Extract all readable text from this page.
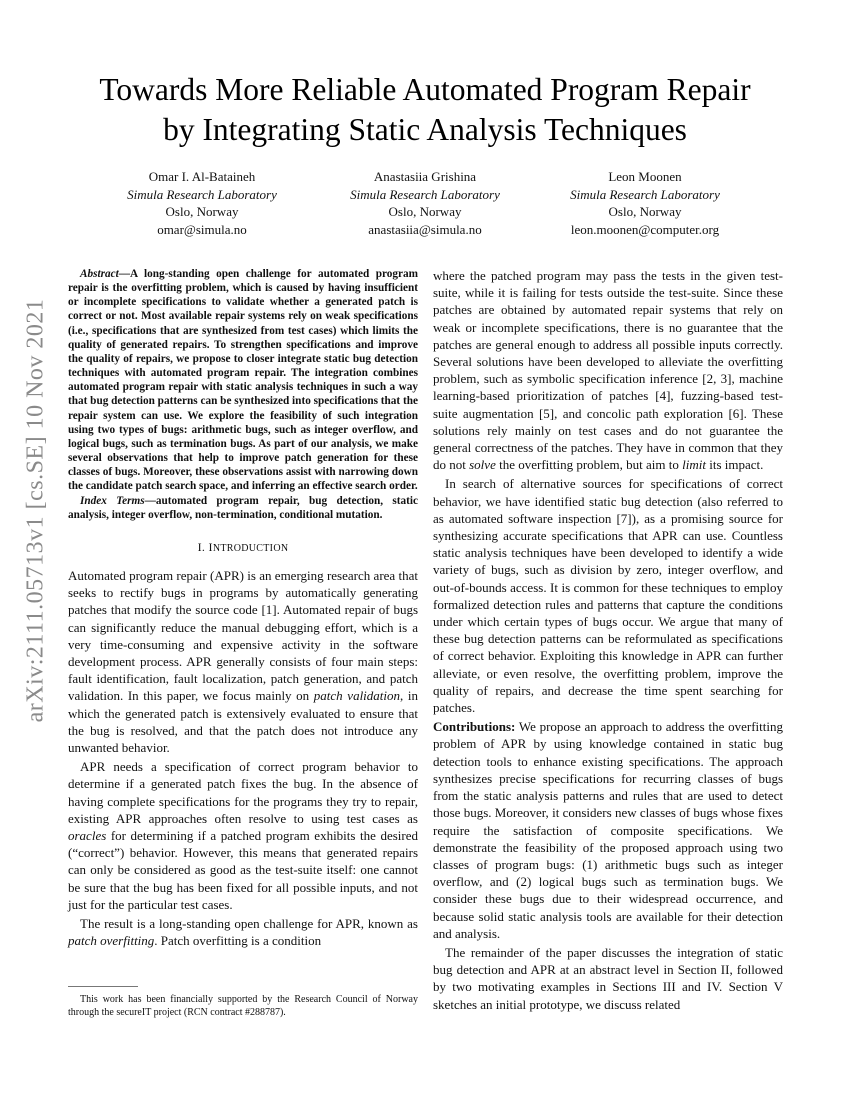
arXiv:2111.05713v1 [cs.SE] 10 Nov 2021
Towards More Reliable Automated Program Repair
by Integrating Static Analysis Techniques
Omar I. Al-Bataineh
Simula Research Laboratory
Oslo, Norway
omar@simula.no
Anastasiia Grishina
Simula Research Laboratory
Oslo, Norway
anastasiia@simula.no
Leon Moonen
Simula Research Laboratory
Oslo, Norway
leon.moonen@computer.org

Abstract—A long-standing open challenge for automated program repair is the overfitting problem, which is caused by having insufficient or incomplete specifications to validate whether a generated patch is correct or not. Most available repair systems rely on weak specifications (i.e., specifications that are synthesized from test cases) which limits the quality of generated repairs. To strengthen specifications and improve the quality of repairs, we propose to closer integrate static bug detection techniques with automated program repair. The integration combines automated program repair with static analysis techniques in such a way that bug detection patterns can be synthesized into specifications that the repair system can use. We explore the feasibility of such integration using two types of bugs: arithmetic bugs, such as integer overflow, and logical bugs, such as termination bugs. As part of our analysis, we make several observations that help to improve patch generation for these classes of bugs. Moreover, these observations assist with narrowing down the candidate patch search space, and inferring an effective search order.

Index Terms—automated program repair, bug detection, static analysis, integer overflow, non-termination, conditional mutation.

I. INTRODUCTION

Automated program repair (APR) is an emerging research area that seeks to rectify bugs in programs by automatically generating patches that modify the source code [1]. Automated repair of bugs can significantly reduce the manual debugging effort, which is a very time-consuming and expensive activity in the software development process. APR generally consists of four main steps: fault identification, fault localization, patch generation, and patch validation. In this paper, we focus mainly on patch validation, in which the generated patch is extensively evaluated to ensure that the bug is resolved, and that the patch does not introduce any unwanted behavior.

APR needs a specification of correct program behavior to determine if a generated patch fixes the bug. In the absence of having complete specifications for the programs they try to repair, existing APR approaches often resolve to using test cases as oracles for determining if a patched program exhibits the desired (“correct”) behavior. However, this means that generated repairs can only be considered as good as the test-suite itself: one cannot be sure that the bug has been fixed for all possible inputs, and not just for the particular test cases.

The result is a long-standing open challenge for APR, known as patch overfitting. Patch overfitting is a condition

This work has been financially supported by the Research Council of Norway through the secureIT project (RCN contract #288787).

where the patched program may pass the tests in the given test-suite, while it is failing for tests outside the test-suite. Since these patches are obtained by automated repair systems that rely on weak or incomplete specifications, there is no guarantee that the patches are general enough to address all possible inputs correctly. Several solutions have been developed to alleviate the overfitting problem, such as symbolic specification inference [2, 3], machine learning-based prioritization of patches [4], fuzzing-based test-suite augmentation [5], and concolic path exploration [6]. These solutions rely mainly on test cases and do not guarantee the general correctness of the patches. They have in common that they do not solve the overfitting problem, but aim to limit its impact.

In search of alternative sources for specifications of correct behavior, we have identified static bug detection (also referred to as automated software inspection [7]), as a promising source for synthesizing accurate specifications that APR can use. Countless static analysis techniques have been developed to identify a wide variety of bugs, such as division by zero, integer overflow, and out-of-bounds access. It is common for these techniques to employ formalized detection rules and patterns that capture the conditions under which certain types of bugs occur. We argue that many of these bug detection patterns can be reformulated as specifications of correct behavior. Exploiting this knowledge in APR can further alleviate, or even resolve, the overfitting problem, improve the quality of repairs, and decrease the time spent searching for patches.

Contributions: We propose an approach to address the overfitting problem of APR by using knowledge contained in static bug detection tools to enhance existing specifications. The approach synthesizes precise specifications for recurring classes of bugs from the static analysis patterns and rules that are used to detect those bugs. Moreover, it considers new classes of bugs whose fixes require the satisfaction of composite specifications. We demonstrate the feasibility of the proposed approach using two classes of program bugs: (1) arithmetic bugs such as integer overflow, and (2) logical bugs such as termination bugs. We consider these bugs due to their widespread occurrence, and because solid static analysis tools are available for their detection and analysis.

The remainder of the paper discusses the integration of static bug detection and APR at an abstract level in Section II, followed by two motivating examples in Sections III and IV. Section V sketches an initial prototype, we discuss related
